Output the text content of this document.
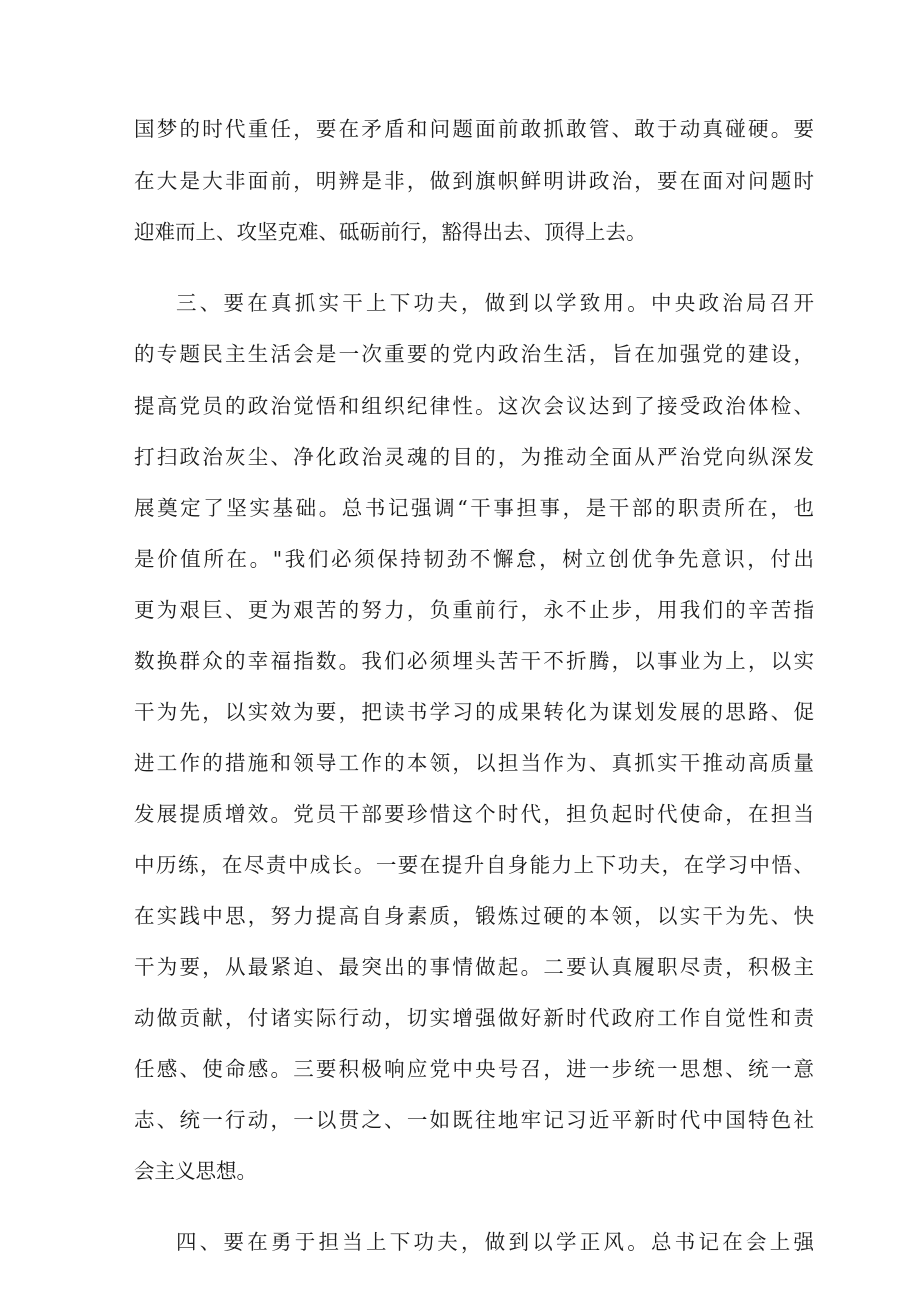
国梦的时代重任，要在矛盾和问题面前敢抓敢管、敢于动真碰硬。要
在大是大非面前，明辨是非，做到旗帜鲜明讲政治，要在面对问题时
迎难而上、攻坚克难、砥砺前行，豁得出去、顶得上去。
三、要在真抓实干上下功夫，做到以学致用。中央政治局召开
的专题民主生活会是一次重要的党内政治生活，旨在加强党的建设，
提高党员的政治觉悟和组织纪律性。这次会议达到了接受政治体检、
打扫政治灰尘、净化政治灵魂的目的，为推动全面从严治党向纵深发
展奠定了坚实基础。总书记强调“干事担事，是干部的职责所在，也
是价值所在。"我们必须保持韧劲不懈怠，树立创优争先意识，付出
更为艰巨、更为艰苦的努力，负重前行，永不止步，用我们的辛苦指
数换群众的幸福指数。我们必须埋头苦干不折腾，以事业为上，以实
干为先，以实效为要，把读书学习的成果转化为谋划发展的思路、促
进工作的措施和领导工作的本领，以担当作为、真抓实干推动高质量
发展提质增效。党员干部要珍惜这个时代，担负起时代使命，在担当
中历练，在尽责中成长。一要在提升自身能力上下功夫，在学习中悟、
在实践中思，努力提高自身素质，锻炼过硬的本领，以实干为先、快
干为要，从最紧迫、最突出的事情做起。二要认真履职尽责，积极主
动做贡献，付诸实际行动，切实增强做好新时代政府工作自觉性和责
任感、使命感。三要积极响应党中央号召，进一步统一思想、统一意
志、统一行动，一以贯之、一如既往地牢记习近平新时代中国特色社
会主义思想。
四、要在勇于担当上下功夫，做到以学正风。总书记在会上强
